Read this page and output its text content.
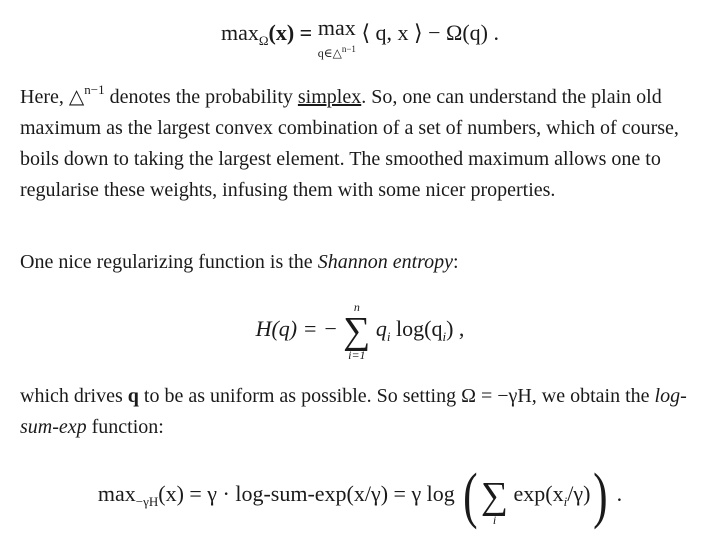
$\max_\Omega(x) = \max$
q∈△$^{n-1}$
⟨ q, x ⟩ − Ω(q) .

Here, △$^{n-1}$ denotes the probability simplex. So, one can understand the plain old maximum as the largest convex combination of a set of numbers, which of course, boils down to taking the largest element. The smoothed maximum allows one to regularise these weights, infusing them with some nicer properties.

One nice regularizing function is the Shannon entropy:

H(q) = −
n
∑
i=1
$q_i$ $\log(q_i)$ ,

which drives q to be as uniform as possible. So setting Ω = −γH, we obtain the log-sum-exp function:

$\max_{-\gamma H}(x) = \gamma \cdot \log-sum-\exp(x/\gamma) = \gamma$ log ( ∑
i
$\exp(x_i/\gamma)$) .
